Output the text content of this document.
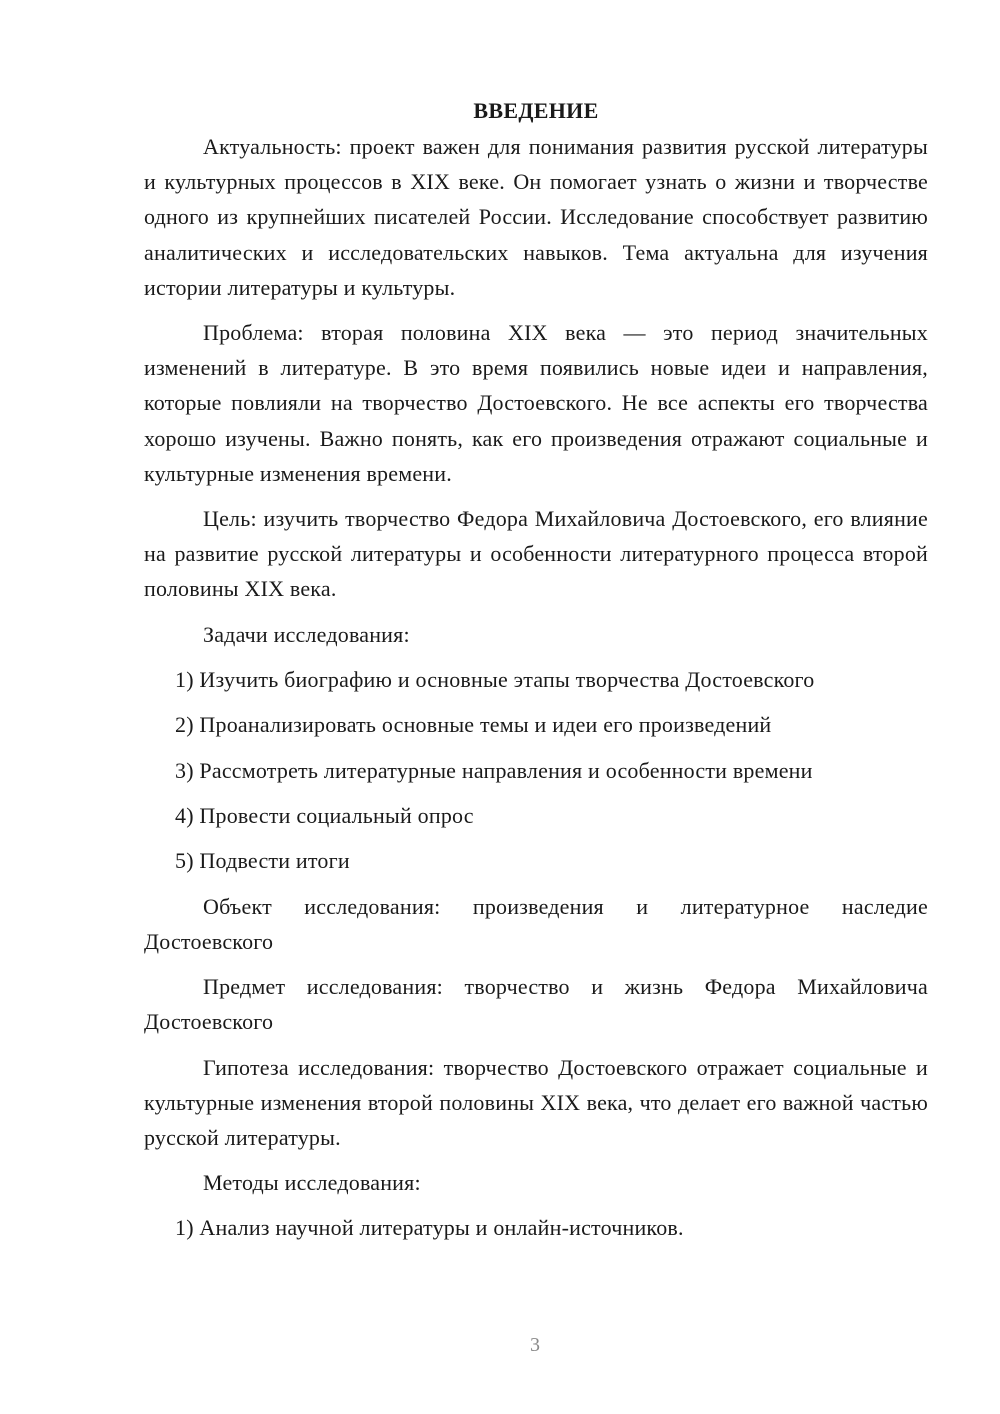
ВВЕДЕНИЕ

Актуальность: проект важен для понимания развития русской литературы и культурных процессов в XIX веке. Он помогает узнать о жизни и творчестве одного из крупнейших писателей России. Исследование способствует развитию аналитических и исследовательских навыков. Тема актуальна для изучения истории литературы и культуры.

Проблема: вторая половина XIX века — это период значительных изменений в литературе. В это время появились новые идеи и направления, которые повлияли на творчество Достоевского. Не все аспекты его творчества хорошо изучены. Важно понять, как его произведения отражают социальные и культурные изменения времени.

Цель: изучить творчество Федора Михайловича Достоевского, его влияние на развитие русской литературы и особенности литературного процесса второй половины XIX века.

Задачи исследования:

1) Изучить биографию и основные этапы творчества Достоевского
2) Проанализировать основные темы и идеи его произведений
3) Рассмотреть литературные направления и особенности времени
4) Провести социальный опрос
5) Подвести итоги

Объект исследования: произведения и литературное наследие Достоевского

Предмет исследования: творчество и жизнь Федора Михайловича Достоевского

Гипотеза исследования: творчество Достоевского отражает социальные и культурные изменения второй половины XIX века, что делает его важной частью русской литературы.

Методы исследования:

1) Анализ научной литературы и онлайн-источников.
3
